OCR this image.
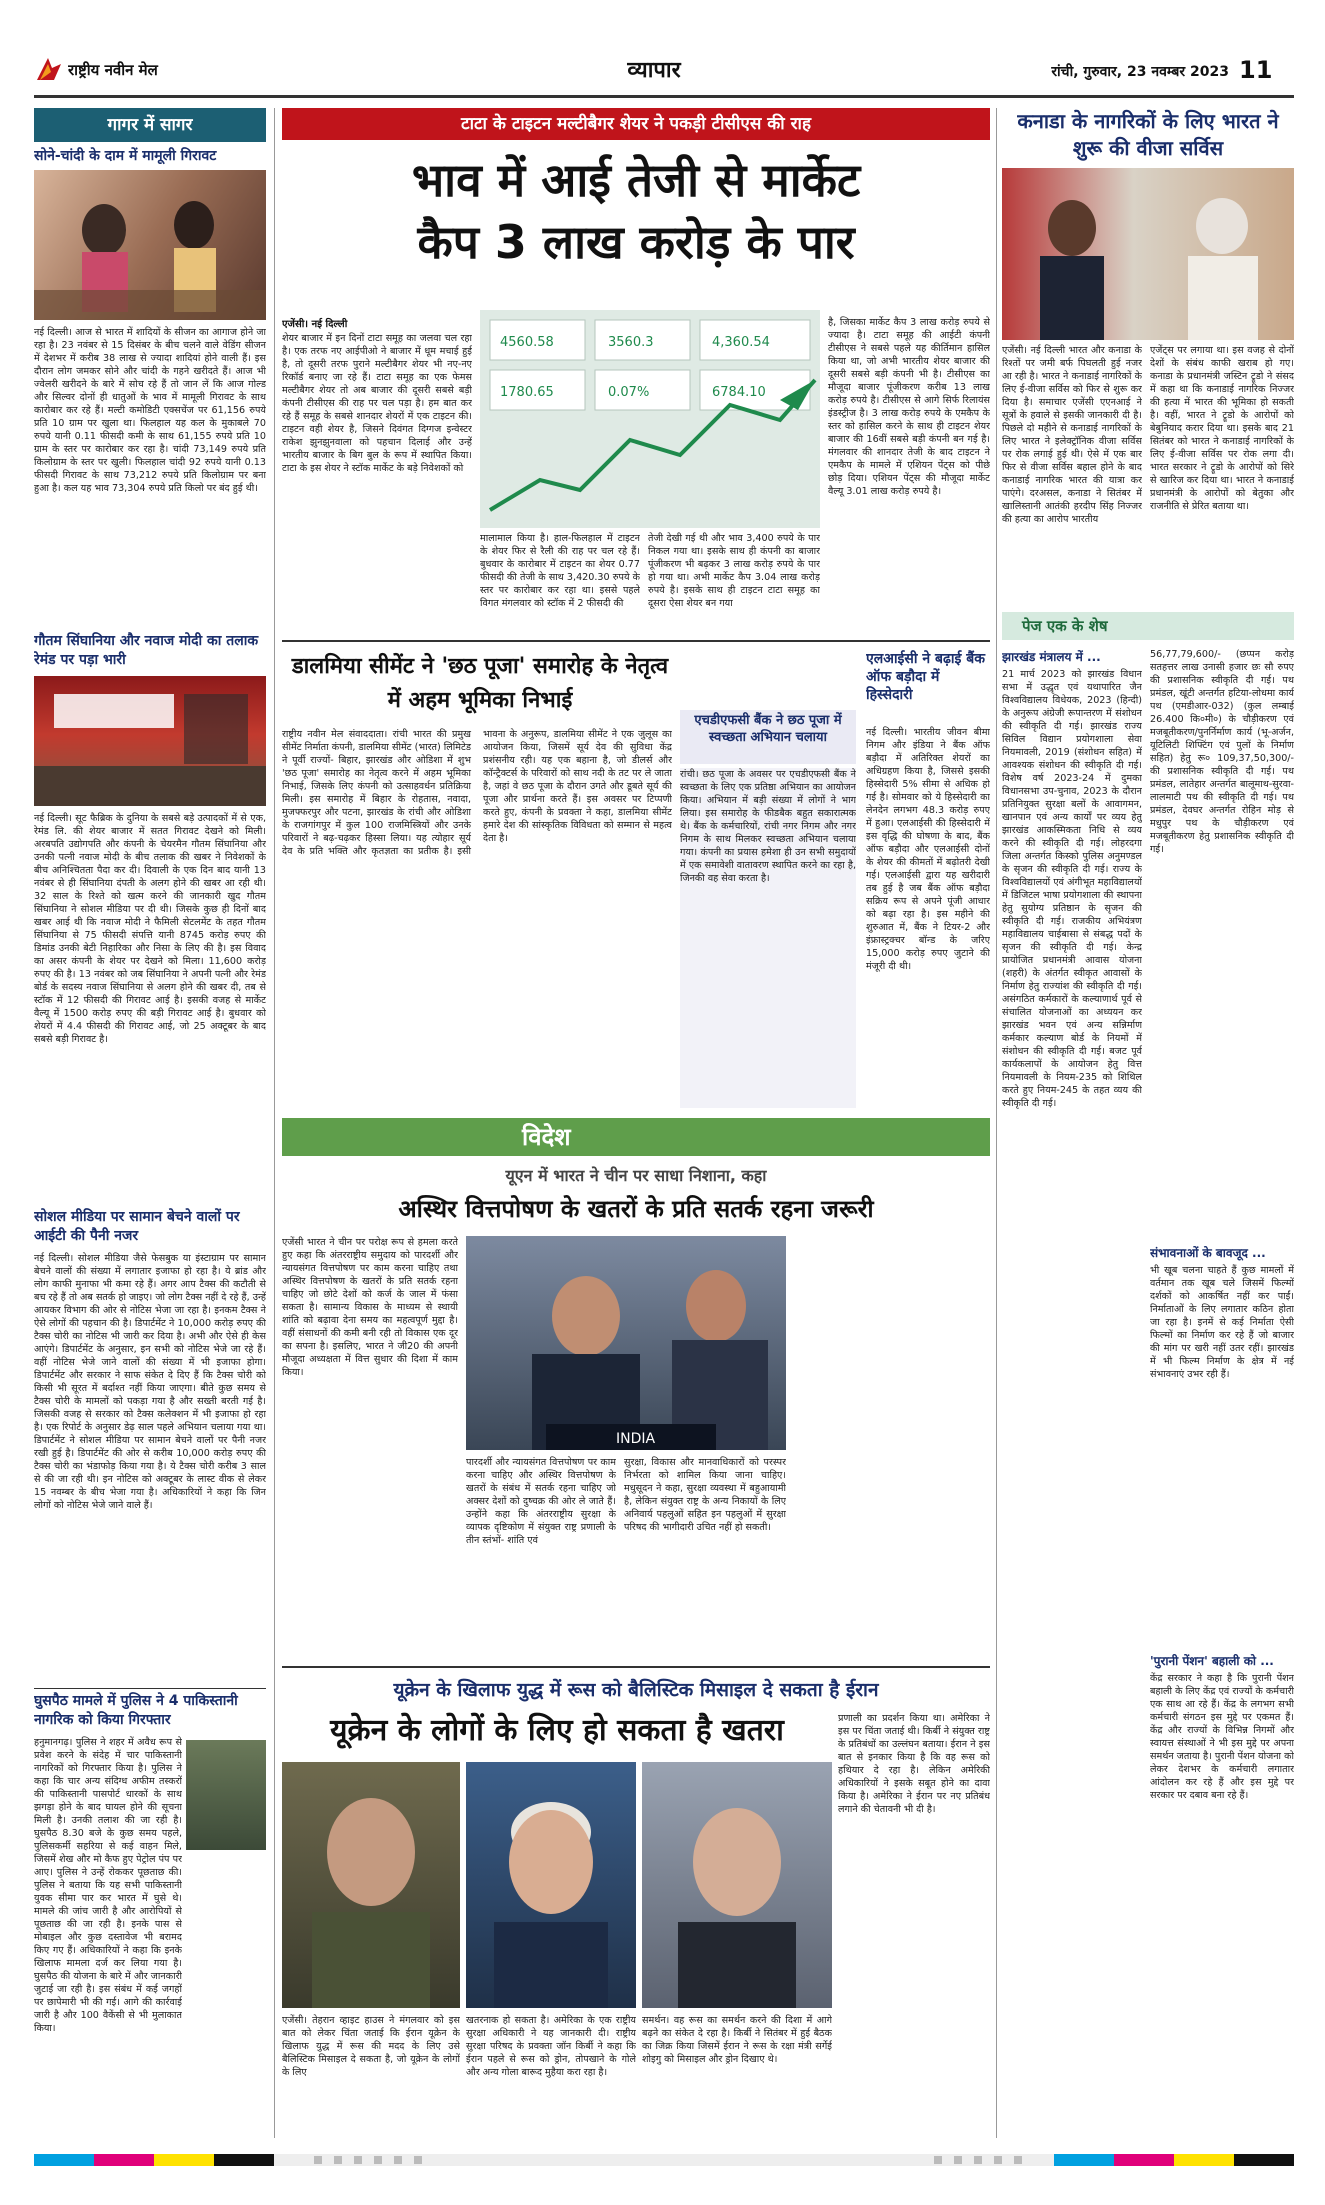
राष्ट्रीय नवीन मेल	व्यापार	रांची, गुरुवार, 23 नवम्बर 2023 11
गागर में सागर
सोने-चांदी के दाम में मामूली गिरावट
नई दिल्ली। आज से भारत में शादियों के सीजन का आगाज होने जा रहा है। 23 नवंबर से 15 दिसंबर के बीच चलने वाले वेडिंग सीजन में देशभर में करीब 38 लाख से ज्यादा शादियां होने वाली हैं। इस दौरान लोग जमकर सोने और चांदी के गहने खरीदते हैं। आज भी ज्वेलरी खरीदने के बारे में सोच रहे हैं तो जान लें कि आज गोल्ड और सिल्वर दोनों ही धातुओं के भाव में मामूली गिरावट के साथ कारोबार कर रहे हैं। मल्टी कमोडिटी एक्सचेंज पर 61,156 रुपये प्रति 10 ग्राम पर खुला था। फिलहाल यह कल के मुकाबले 70 रुपये यानी 0.11 फीसदी कमी के साथ 61,155 रुपये प्रति 10 ग्राम के स्तर पर कारोबार कर रहा है। चांदी 73,149 रुपये प्रति किलोग्राम के स्तर पर खुली। फिलहाल चांदी 92 रुपये यानी 0.13 फीसदी गिरावट के साथ 73,212 रुपये प्रति किलोग्राम पर बना हुआ है। कल यह भाव 73,304 रुपये प्रति किलो पर बंद हुई थी।
गौतम सिंघानिया और नवाज मोदी का तलाक रेमंड पर पड़ा भारी
नई दिल्ली। सूट फैब्रिक के दुनिया के सबसे बड़े उत्पादकों में से एक, रेमंड लि. की शेयर बाजार में सतत गिरावट देखने को मिली। अरबपति उद्योगपति और कंपनी के चेयरमैन गौतम सिंघानिया और उनकी पत्नी नवाज मोदी के बीच तलाक की खबर ने निवेशकों के बीच अनिश्चितता पैदा कर दी। दिवाली के एक दिन बाद यानी 13 नवंबर से ही सिंघानिया दंपती के अलग होने की खबर आ रही थी। 32 साल के रिश्ते को खत्म करने की जानकारी खुद गौतम सिंघानिया ने सोशल मीडिया पर दी थी। जिसके कुछ ही दिनों बाद खबर आई थी कि नवाज मोदी ने फैमिली सेटलमेंट के तहत गौतम सिंघानिया से 75 फीसदी संपत्ति यानी 8745 करोड़ रुपए की डिमांड उनकी बेटी निहारिका और निसा के लिए की है। इस विवाद का असर कंपनी के शेयर पर देखने को मिला। 11,600 करोड़ रुपए की है। 13 नवंबर को जब सिंघानिया ने अपनी पत्नी और रेमंड बोर्ड के सदस्य नवाज सिंघानिया से अलग होने की खबर दी, तब से स्टॉक में 12 फीसदी की गिरावट आई है। इसकी वजह से मार्केट वैल्यू में 1500 करोड़ रुपए की बड़ी गिरावट आई है। बुधवार को शेयरों में 4.4 फीसदी की गिरावट आई, जो 25 अक्टूबर के बाद सबसे बड़ी गिरावट है।
सोशल मीडिया पर सामान बेचने वालों पर आईटी की पैनी नजर
नई दिल्ली। सोशल मीडिया जैसे फेसबुक या इंस्टाग्राम पर सामान बेचने वालों की संख्या में लगातार इजाफा हो रहा है। ये ब्रांड और लोग काफी मुनाफा भी कमा रहे हैं। अगर आप टैक्स की कटौती से बच रहे हैं तो अब सतर्क हो जाइए। जो लोग टैक्स नहीं दे रहे हैं, उन्हें आयकर विभाग की ओर से नोटिस भेजा जा रहा है। इनकम टैक्स ने ऐसे लोगों की पहचान की है। डिपार्टमेंट ने 10,000 करोड़ रुपए की टैक्स चोरी का नोटिस भी जारी कर दिया है। अभी और ऐसे ही केस आएंगे। डिपार्टमेंट के अनुसार, इन सभी को नोटिस भेजे जा रहे हैं। वहीं नोटिस भेजे जाने वालों की संख्या में भी इजाफा होगा। डिपार्टमेंट और सरकार ने साफ संकेत दे दिए हैं कि टैक्स चोरी को किसी भी सूरत में बर्दाश्त नहीं किया जाएगा। बीते कुछ समय से टैक्स चोरी के मामलों को पकड़ा गया है और सख्ती बरती गई है। जिसकी वजह से सरकार को टैक्स कलेक्शन में भी इजाफा हो रहा है। एक रिपोर्ट के अनुसार डेढ़ साल पहले अभियान चलाया गया था। डिपार्टमेंट ने सोशल मीडिया पर सामान बेचने वालों पर पैनी नजर रखी हुई है। डिपार्टमेंट की ओर से करीब 10,000 करोड़ रुपए की टैक्स चोरी का भंडाफोड़ किया गया है। ये टैक्स चोरी करीब 3 साल से की जा रही थी। इन नोटिस को अक्टूबर के लास्ट वीक से लेकर 15 नवम्बर के बीच भेजा गया है। अधिकारियों ने कहा कि जिन लोगों को नोटिस भेजे जाने वाले हैं।
घुसपैठ मामले में पुलिस ने 4 पाकिस्तानी नागरिक को किया गिरफ्तार
हनुमानगढ़। पुलिस ने शहर में अवैध रूप से प्रवेश करने के संदेह में चार पाकिस्तानी नागरिकों को गिरफ्तार किया है। पुलिस ने कहा कि चार अन्य संदिग्ध अफीम तस्करों की पाकिस्तानी पासपोर्ट धारकों के साथ झगड़ा होने के बाद घायल होने की सूचना मिली है। उनकी तलाश की जा रही है। घुसपैठ 8.30 बजे के कुछ समय पहले, पुलिसकर्मी सहरिया से कई वाहन मिले, जिसमें शेख और मो कैफ हुए पेट्रोल पंप पर आए। पुलिस ने उन्हें रोककर पूछताछ की। पुलिस ने बताया कि यह सभी पाकिस्तानी युवक सीमा पार कर भारत में घुसे थे। मामले की जांच जारी है और आरोपियों से पूछताछ की जा रही है। इनके पास से मोबाइल और कुछ दस्तावेज भी बरामद किए गए हैं। अधिकारियों ने कहा कि इनके खिलाफ मामला दर्ज कर लिया गया है। घुसपैठ की योजना के बारे में और जानकारी जुटाई जा रही है। इस संबंध में कई जगहों पर छापेमारी भी की गई। आगे की कार्रवाई जारी है और 100 वैकेंसी से भी मुलाकात किया।
टाटा के टाइटन मल्टीबैगर शेयर ने पकड़ी टीसीएस की राह
भाव में आई तेजी से मार्केट
कैप 3 लाख करोड़ के पार
एजेंसी। नई दिल्ली
शेयर बाजार में इन दिनों टाटा समूह का जलवा चल रहा है। एक तरफ नए आईपीओ ने बाजार में धूम मचाई हुई है, तो दूसरी तरफ पुराने मल्टीबैगर शेयर भी नए-नए रिकॉर्ड बनाए जा रहे हैं। टाटा समूह का एक फेमस मल्टीबैगर शेयर तो अब बाजार की दूसरी सबसे बड़ी कंपनी टीसीएस की राह पर चल पड़ा है। हम बात कर रहे हैं समूह के सबसे शानदार शेयरों में एक टाइटन की। टाइटन वही शेयर है, जिसने दिवंगत दिग्गज इन्वेस्टर राकेश झुनझुनवाला को पहचान दिलाई और उन्हें भारतीय बाजार के बिग बुल के रूप में स्थापित किया। टाटा के इस शेयर ने स्टॉक मार्केट के बड़े निवेशकों को
4560.58	3560.3	4,360.54
1780.65	0.07%	6784.10
मालामाल किया है। हाल-फिलहाल में टाइटन के शेयर फिर से रैली की राह पर चल रहे हैं। बुधवार के कारोबार में टाइटन का शेयर 0.77 फीसदी की तेजी के साथ 3,420.30 रुपये के स्तर पर कारोबार कर रहा था। इससे पहले विगत मंगलवार को स्टॉक में 2 फीसदी की
तेजी देखी गई थी और भाव 3,400 रुपये के पार निकल गया था। इसके साथ ही कंपनी का बाजार पूंजीकरण भी बढ़कर 3 लाख करोड़ रुपये के पार हो गया था। अभी मार्केट कैप 3.04 लाख करोड़ रुपये है। इसके साथ ही टाइटन टाटा समूह का दूसरा ऐसा शेयर बन गया
है, जिसका मार्केट कैप 3 लाख करोड़ रुपये से ज्यादा है। टाटा समूह की आईटी कंपनी टीसीएस ने सबसे पहले यह कीर्तिमान हासिल किया था, जो अभी भारतीय शेयर बाजार की दूसरी सबसे बड़ी कंपनी भी है। टीसीएस का मौजूदा बाजार पूंजीकरण करीब 13 लाख करोड़ रुपये है। टीसीएस से आगे सिर्फ रिलायंस इंडस्ट्रीज है। 3 लाख करोड़ रुपये के एमकैप के स्तर को हासिल करने के साथ ही टाइटन शेयर बाजार की 16वीं सबसे बड़ी कंपनी बन गई है। मंगलवार की शानदार तेजी के बाद टाइटन ने एमकैप के मामले में एशियन पेंट्स को पीछे छोड़ दिया। एशियन पेंट्स की मौजूदा मार्केट वैल्यू 3.01 लाख करोड़ रुपये है।
कनाडा के नागरिकों के लिए भारत ने शुरू की वीजा सर्विस
एजेंसी। नई दिल्ली भारत और कनाडा के रिश्तों पर जमी बर्फ पिघलती हुई नजर आ रही है। भारत ने कनाडाई नागरिकों के लिए ई-वीजा सर्विस को फिर से शुरू कर दिया है। समाचार एजेंसी एएनआई ने सूत्रों के हवाले से इसकी जानकारी दी है। पिछले दो महीने से कनाडाई नागरिकों के लिए भारत ने इलेक्ट्रॉनिक वीजा सर्विस पर रोक लगाई हुई थी। ऐसे में एक बार फिर से वीजा सर्विस बहाल होने के बाद कनाडाई नागरिक भारत की यात्रा कर पाएंगे। दरअसल, कनाडा ने सितंबर में खालिस्तानी आतंकी हरदीप सिंह निज्जर की हत्या का आरोप भारतीय
एजेंट्स पर लगाया था। इस वजह से दोनों देशों के संबंध काफी खराब हो गए। कनाडा के प्रधानमंत्री जस्टिन ट्रूडो ने संसद में कहा था कि कनाडाई नागरिक निज्जर की हत्या में भारत की भूमिका हो सकती है। वहीं, भारत ने ट्रूडो के आरोपों को बेबुनियाद करार दिया था। इसके बाद 21 सितंबर को भारत ने कनाडाई नागरिकों के लिए ई-वीजा सर्विस पर रोक लगा दी। भारत सरकार ने ट्रूडो के आरोपों को सिरे से खारिज कर दिया था। भारत ने कनाडाई प्रधानमंत्री के आरोपों को बेतुका और राजनीति से प्रेरित बताया था।
डालमिया सीमेंट ने 'छठ पूजा' समारोह के नेतृत्व में अहम भूमिका निभाई
राष्ट्रीय नवीन मेल संवाददाता। रांची भारत की प्रमुख सीमेंट निर्माता कंपनी, डालमिया सीमेंट (भारत) लिमिटेड ने पूर्वी राज्यों- बिहार, झारखंड और ओडिशा में शुभ 'छठ पूजा' समारोह का नेतृत्व करने में अहम भूमिका निभाई, जिसके लिए कंपनी को उत्साहवर्धन प्रतिक्रिया मिली। इस समारोह में बिहार के रोहतास, नवादा, मुजफ्फरपुर और पटना, झारखंड के रांची और ओडिशा के राजगांगपुर में कुल 100 राजमिस्त्रियों और उनके परिवारों ने बढ़-चढ़कर हिस्सा लिया। यह त्योहार सूर्य देव के प्रति भक्ति और कृतज्ञता का प्रतीक है। इसी भावना के अनुरूप, डालमिया सीमेंट ने एक जुलूस का आयोजन किया, जिसमें सूर्य देव की सुविधा केंद्र प्रशंसनीय रही। यह एक बहाना है, जो डीलर्स और कॉन्ट्रैक्टर्स के परिवारों को साथ नदी के तट पर ले जाता है, जहां वे छठ पूजा के दौरान उगते और डूबते सूर्य की पूजा और प्रार्थना करते हैं। इस अवसर पर टिप्पणी करते हुए, कंपनी के प्रवक्ता ने कहा, डालमिया सीमेंट हमारे देश की सांस्कृतिक विविधता को सम्मान से महत्व देता है।
एचडीएफसी बैंक ने छठ पूजा में स्वच्छता अभियान चलाया
रांची। छठ पूजा के अवसर पर एचडीएफसी बैंक ने स्वच्छता के लिए एक प्रतिष्ठा अभियान का आयोजन किया। अभियान में बड़ी संख्या में लोगों ने भाग लिया। इस समारोह के फीडबैक बहुत सकारात्मक थे। बैंक के कर्मचारियों, रांची नगर निगम और नगर निगम के साथ मिलकर स्वच्छता अभियान चलाया गया। कंपनी का प्रयास हमेशा ही उन सभी समुदायों में एक समावेशी वातावरण स्थापित करने का रहा है, जिनकी वह सेवा करता है।
एलआईसी ने बढ़ाई बैंक ऑफ बड़ौदा में हिस्सेदारी
नई दिल्ली। भारतीय जीवन बीमा निगम और इंडिया ने बैंक ऑफ बड़ौदा में अतिरिक्त शेयरों का अधिग्रहण किया है, जिससे इसकी हिस्सेदारी 5% सीमा से अधिक हो गई है। सोमवार को ये हिस्सेदारी का लेनदेन लगभग 48.3 करोड़ रुपए में हुआ। एलआईसी की हिस्सेदारी में इस वृद्धि की घोषणा के बाद, बैंक ऑफ बड़ौदा और एलआईसी दोनों के शेयर की कीमतों में बढ़ोतरी देखी गई। एलआईसी द्वारा यह खरीदारी तब हुई है जब बैंक ऑफ बड़ौदा सक्रिय रूप से अपने पूंजी आधार को बढ़ा रहा है। इस महीने की शुरुआत में, बैंक ने टियर-2 और इंफ्रास्ट्रक्चर बॉन्ड के जरिए 15,000 करोड़ रुपए जुटाने की मंजूरी दी थी।
विदेश
यूएन में भारत ने चीन पर साधा निशाना, कहा
अस्थिर वित्तपोषण के खतरों के प्रति सतर्क रहना जरूरी
एजेंसी भारत ने चीन पर परोक्ष रूप से हमला करते हुए कहा कि अंतरराष्ट्रीय समुदाय को पारदर्शी और न्यायसंगत वित्तपोषण पर काम करना चाहिए तथा अस्थिर वित्तपोषण के खतरों के प्रति सतर्क रहना चाहिए जो छोटे देशों को कर्ज के जाल में फंसा सकता है। सामान्य विकास के माध्यम से स्थायी शांति को बढ़ावा देना समय का महत्वपूर्ण मुद्दा है। वहीं संसाधनों की कमी बनी रही तो विकास एक दूर का सपना है। इसलिए, भारत ने जी20 की अपनी मौजूदा अध्यक्षता में वित्त सुधार की दिशा में काम किया।
INDIA
पारदर्शी और न्यायसंगत वित्तपोषण पर काम करना चाहिए और अस्थिर वित्तपोषण के खतरों के संबंध में सतर्क रहना चाहिए जो अक्सर देशों को दुष्चक्र की ओर ले जाते हैं। उन्होंने कहा कि अंतरराष्ट्रीय सुरक्षा के व्यापक दृष्टिकोण में संयुक्त राष्ट्र प्रणाली के तीन स्तंभों- शांति एवं
सुरक्षा, विकास और मानवाधिकारों को परस्पर निर्भरता को शामिल किया जाना चाहिए। मधुसूदन ने कहा, सुरक्षा व्यवस्था में बहुआयामी है, लेकिन संयुक्त राष्ट्र के अन्य निकायों के लिए अनिवार्य पहलुओं सहित इन पहलुओं में सुरक्षा परिषद की भागीदारी उचित नहीं हो सकती।
यूक्रेन के खिलाफ युद्ध में रूस को बैलिस्टिक मिसाइल दे सकता है ईरान
यूक्रेन के लोगों के लिए हो सकता है खतरा	प्रणाली का प्रदर्शन किया था। अमेरिका ने इस पर चिंता जताई थी। किर्बी ने संयुक्त राष्ट्र के प्रतिबंधों का उल्लंघन बताया। ईरान ने इस बात से इनकार किया है कि वह रूस को हथियार दे रहा है। लेकिन अमेरिकी अधिकारियों ने इसके सबूत होने का दावा किया है। अमेरिका ने ईरान पर नए प्रतिबंध लगाने की चेतावनी भी दी है।
एजेंसी। तेहरान व्हाइट हाउस ने मंगलवार को इस बात को लेकर चिंता जताई कि ईरान यूक्रेन के खिलाफ युद्ध में रूस की मदद के लिए उसे बैलिस्टिक मिसाइल दे सकता है, जो यूक्रेन के लोगों के लिए
खतरनाक हो सकता है। अमेरिका के एक राष्ट्रीय सुरक्षा अधिकारी ने यह जानकारी दी। राष्ट्रीय सुरक्षा परिषद के प्रवक्ता जॉन किर्बी ने कहा कि ईरान पहले से रूस को ड्रोन, तोपखाने के गोले और अन्य गोला बारूद मुहैया करा रहा है।
समर्थन। वह रूस का समर्थन करने की दिशा में आगे बढ़ने का संकेत दे रहा है। किर्बी ने सितंबर में हुई बैठक का जिक्र किया जिसमें ईरान ने रूस के रक्षा मंत्री सर्गेई शोइगु को मिसाइल और ड्रोन दिखाए थे।
पेज एक के शेष
झारखंड मंत्रालय में ...
21 मार्च 2023 को झारखंड विधान सभा में उद्धृत एवं यथापारित जैन विश्वविद्यालय विधेयक, 2023 (हिन्दी) के अनुरूप अंग्रेजी रूपान्तरण में संशोधन की स्वीकृति दी गई। झारखंड राज्य सिविल विद्यान प्रयोगशाला सेवा नियमावली, 2019 (संशोधन सहित) में आवश्यक संशोधन की स्वीकृति दी गई। विशेष वर्ष 2023-24 में दुमका विधानसभा उप-चुनाव, 2023 के दौरान प्रतिनियुक्त सुरक्षा बलों के आवागमन, खानपान एवं अन्य कार्यों पर व्यय हेतु झारखंड आकस्मिकता निधि से व्यय करने की स्वीकृति दी गई। लोहरदगा जिला अन्तर्गत किस्को पुलिस अनुमण्डल के सृजन की स्वीकृति दी गई। राज्य के विश्वविद्यालयों एवं अंगीभूत महाविद्यालयों में डिजिटल भाषा प्रयोगशाला की स्थापना हेतु सुयोग्य प्रतिष्ठान के सृजन की स्वीकृति दी गई। राजकीय अभियंत्रण महाविद्यालय चाईबासा से संबद्ध पदों के सृजन की स्वीकृति दी गई। केन्द्र प्रायोजित प्रधानमंत्री आवास योजना (शहरी) के अंतर्गत स्वीकृत आवासों के निर्माण हेतु राज्यांश की स्वीकृति दी गई। असंगठित कर्मकारों के कल्याणार्थ पूर्व से संचालित योजनाओं का अध्ययन कर झारखंड भवन एवं अन्य सन्निर्माण कर्मकार कल्याण बोर्ड के नियमों में संशोधन की स्वीकृति दी गई। बजट पूर्व कार्यकलापों के आयोजन हेतु वित्त नियमावली के नियम-235 को शिथिल करते हुए नियम-245 के तहत व्यय की स्वीकृति दी गई।
56,77,79,600/- (छप्पन करोड़ सतहत्तर लाख उनासी हजार छः सौ रुपए की प्रशासनिक स्वीकृति दी गई। पथ प्रमंडल, खूंटी अन्तर्गत हटिया-लोधमा कार्य पथ (एमडीआर-032) (कुल लम्बाई 26.400 कि०मी०) के चौड़ीकरण एवं मजबूतीकरण/पुनर्निर्माण कार्य (भू-अर्जन, यूटिलिटी शिफ्टिंग एवं पुलों के निर्माण सहित) हेतु रू० 109,37,50,300/- की प्रशासनिक स्वीकृति दी गई। पथ प्रमंडल, लातेहार अन्तर्गत बालूमाथ-सुरवा-लालमाटी पथ की स्वीकृति दी गई। पथ प्रमंडल, देवघर अन्तर्गत रोहिन मोड़ से मधुपुर पथ के चौड़ीकरण एवं मजबूतीकरण हेतु प्रशासनिक स्वीकृति दी गई।
संभावनाओं के बावजूद ...
भी खूब चलना चाहते हैं कुछ मामलों में वर्तमान तक खूब चले जिसमें फिल्मों दर्शकों को आकर्षित नहीं कर पाईं। निर्माताओं के लिए लगातार कठिन होता जा रहा है। इनमें से कई निर्माता ऐसी फिल्मों का निर्माण कर रहे हैं जो बाजार की मांग पर खरी नहीं उतर रहीं। झारखंड में भी फिल्म निर्माण के क्षेत्र में नई संभावनाएं उभर रही हैं।
'पुरानी पेंशन' बहाली को ...
केंद्र सरकार ने कहा है कि पुरानी पेंशन बहाली के लिए केंद्र एवं राज्यों के कर्मचारी एक साथ आ रहे हैं। केंद्र के लगभग सभी कर्मचारी संगठन इस मुद्दे पर एकमत हैं। केंद्र और राज्यों के विभिन्न निगमों और स्वायत्त संस्थाओं ने भी इस मुद्दे पर अपना समर्थन जताया है। पुरानी पेंशन योजना को लेकर देशभर के कर्मचारी लगातार आंदोलन कर रहे हैं और इस मुद्दे पर सरकार पर दबाव बना रहे हैं।
